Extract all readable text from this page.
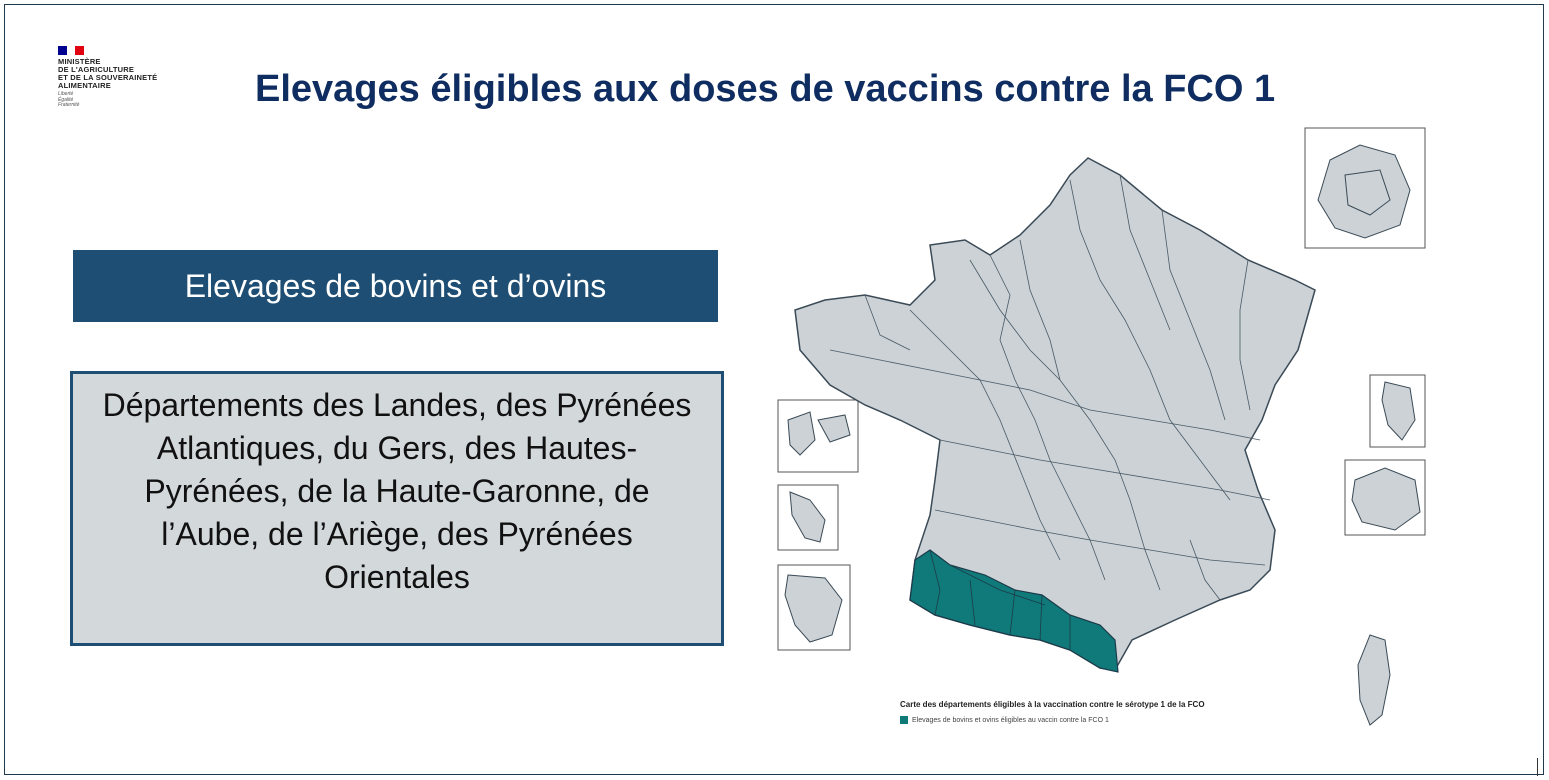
MINISTÈRE
DE L'AGRICULTURE
ET DE LA SOUVERAINETÉ
ALIMENTAIRE
Liberté
Égalité
Fraternité	Elevages éligibles aux doses de vaccins contre la FCO 1
Elevages de bovins et d’ovins

Départements des Landes, des Pyrénées Atlantiques, du Gers, des Hautes-Pyrénées, de la Haute-Garonne, de l’Aube, de l’Ariège, des Pyrénées Orientales

Carte des départements éligibles à la vaccination contre le sérotype 1 de la FCO
Elevages de bovins et ovins éligibles au vaccin contre la FCO 1
